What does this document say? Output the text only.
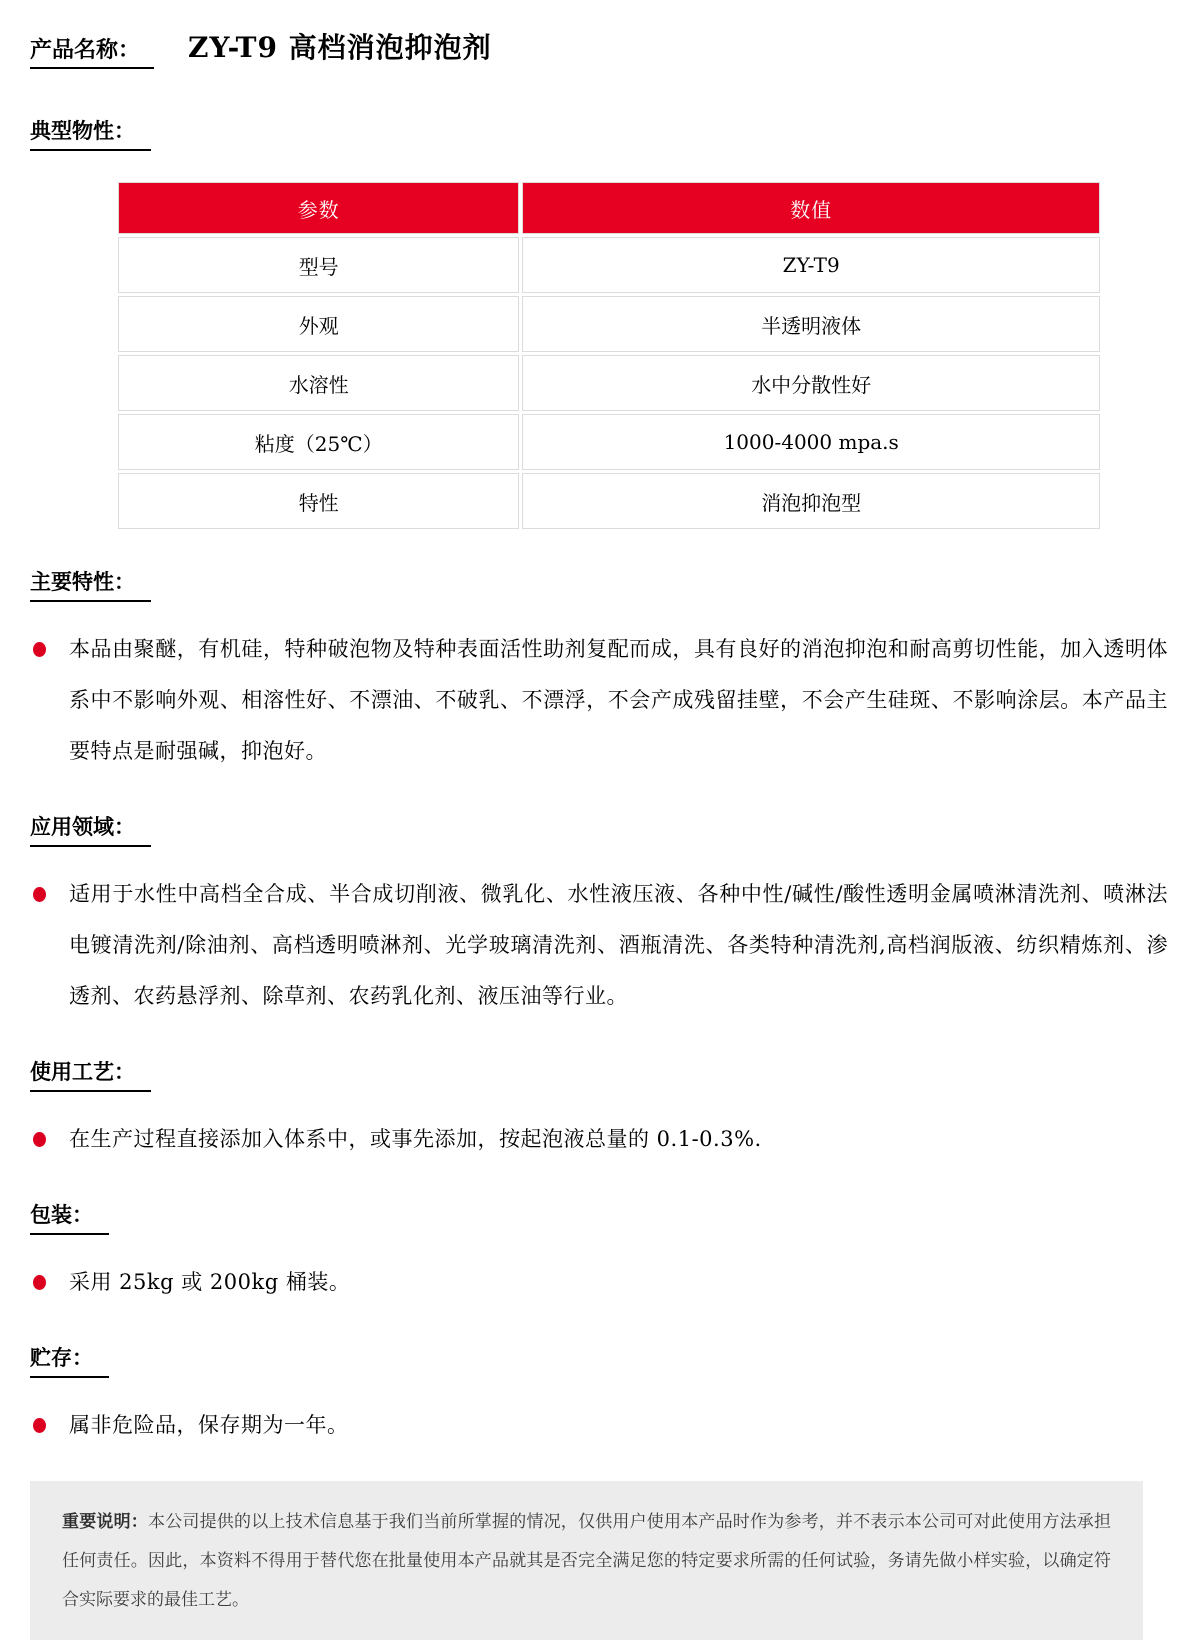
产品名称：	ZY-T9 高档消泡抑泡剂
典型物性：
参数	数值
型号	ZY-T9
外观	半透明液体
水溶性	水中分散性好
粘度（25℃）	1000-4000 mpa.s
特性	消泡抑泡型
主要特性：
本品由聚醚，有机硅，特种破泡物及特种表面活性助剂复配而成，具有良好的消泡抑泡和耐高剪切性能，加入透明体系中不影响外观、相溶性好、不漂油、不破乳、不漂浮，不会产成残留挂壁，不会产生硅斑、不影响涂层。本产品主要特点是耐强碱，抑泡好。
应用领域：
适用于水性中高档全合成、半合成切削液、微乳化、水性液压液、各种中性/碱性/酸性透明金属喷淋清洗剂、喷淋法电镀清洗剂/除油剂、高档透明喷淋剂、光学玻璃清洗剂、酒瓶清洗、各类特种清洗剂,高档润版液、纺织精炼剂、渗透剂、农药悬浮剂、除草剂、农药乳化剂、液压油等行业。
使用工艺：
在生产过程直接添加入体系中，或事先添加，按起泡液总量的 0.1-0.3%.
包装：
采用 25kg 或 200kg 桶装。
贮存：
属非危险品，保存期为一年。
重要说明：本公司提供的以上技术信息基于我们当前所掌握的情况，仅供用户使用本产品时作为参考，并不表示本公司可对此使用方法承担任何责任。因此，本资料不得用于替代您在批量使用本产品就其是否完全满足您的特定要求所需的任何试验，务请先做小样实验，以确定符合实际要求的最佳工艺。
